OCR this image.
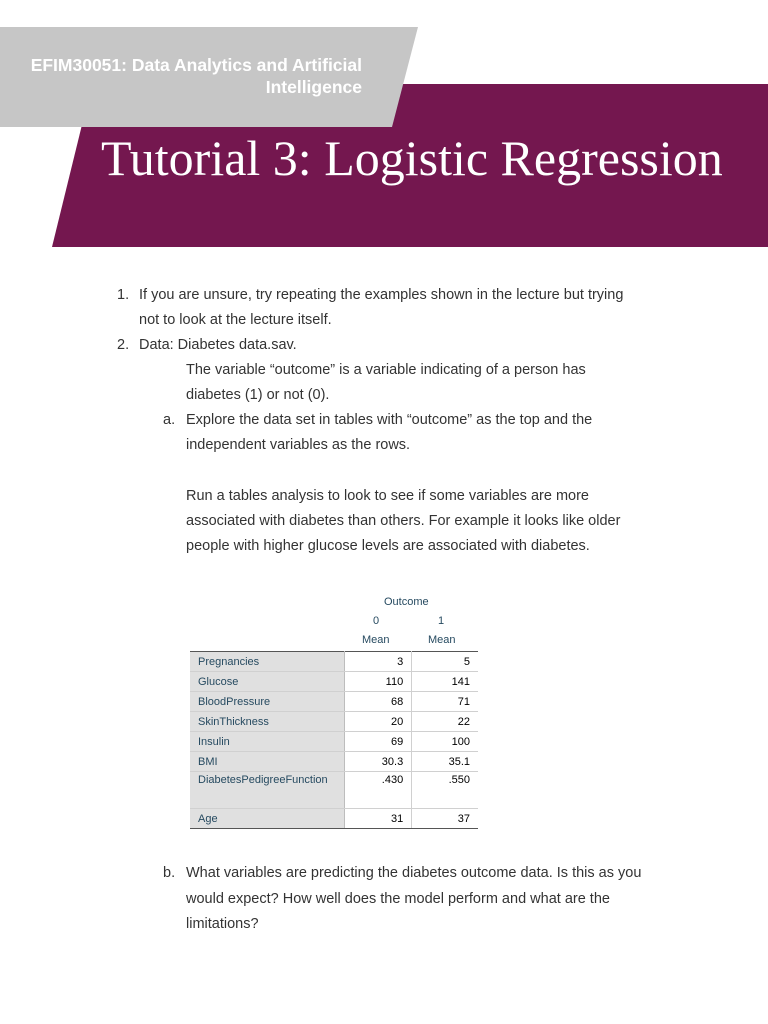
EFIM30051: Data Analytics and Artificial Intelligence
Tutorial 3: Logistic Regression
1. If you are unsure, try repeating the examples shown in the lecture but trying
not to look at the lecture itself.
2. Data: Diabetes data.sav.
The variable “outcome” is a variable indicating of a person has
diabetes (1) or not (0).
a. Explore the data set in tables with “outcome” as the top and the
independent variables as the rows.
Run a tables analysis to look to see if some variables are more
associated with diabetes than others. For example it looks like older
people with higher glucose levels are associated with diabetes.
b. What variables are predicting the diabetes outcome data. Is this as you
would expect? How well does the model perform and what are the
limitations?
Outcome
0	1
Mean	Mean
Pregnancies	3	5
Glucose	110	141
BloodPressure	68	71
SkinThickness	20	22
Insulin	69	100
BMI	30.3	35.1

DiabetesPedigreeFunction	.430	.550
Age	31	37
